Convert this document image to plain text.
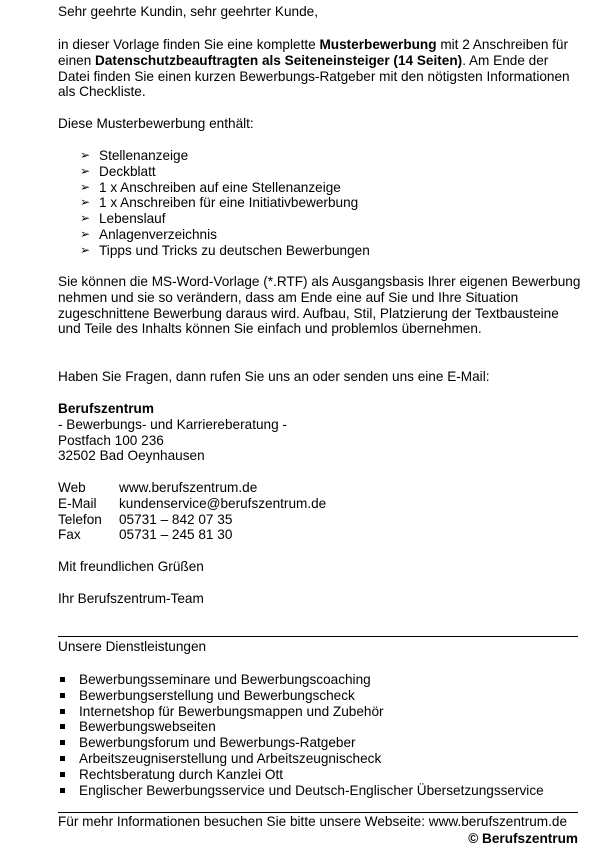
Sehr geehrte Kundin, sehr geehrter Kunde,

in dieser Vorlage finden Sie eine komplette Musterbewerbung mit 2 Anschreiben für einen Datenschutzbeauftragten als Seiteneinsteiger (14 Seiten). Am Ende der Datei finden Sie einen kurzen Bewerbungs-Ratgeber mit den nötigsten Informationen als Checkliste.

Diese Musterbewerbung enthält:

➢ Stellenanzeige
➢ Deckblatt
➢ 1 x Anschreiben auf eine Stellenanzeige
➢ 1 x Anschreiben für eine Initiativbewerbung
➢ Lebenslauf
➢ Anlagenverzeichnis
➢ Tipps und Tricks zu deutschen Bewerbungen

Sie können die MS-Word-Vorlage (*.RTF) als Ausgangsbasis Ihrer eigenen Bewerbung nehmen und sie so verändern, dass am Ende eine auf Sie und Ihre Situation zugeschnittene Bewerbung daraus wird. Aufbau, Stil, Platzierung der Textbausteine und Teile des Inhalts können Sie einfach und problemlos übernehmen.

Haben Sie Fragen, dann rufen Sie uns an oder senden uns eine E-Mail:

Berufszentrum
- Bewerbungs- und Karriereberatung -
Postfach 100 236
32502 Bad Oeynhausen
Web	www.berufszentrum.de
E-Mail	kundenservice@berufszentrum.de
Telefon	05731 – 842 07 35
Fax	05731 – 245 81 30

Mit freundlichen Grüßen

Ihr Berufszentrum-Team

Unsere Dienstleistungen

Bewerbungsseminare und Bewerbungscoaching
Bewerbungserstellung und Bewerbungscheck
Internetshop für Bewerbungsmappen und Zubehör
Bewerbungswebseiten
Bewerbungsforum und Bewerbungs-Ratgeber
Arbeitszeugniserstellung und Arbeitszeugnischeck
Rechtsberatung durch Kanzlei Ott
Englischer Bewerbungsservice und Deutsch-Englischer Übersetzungsservice

Für mehr Informationen besuchen Sie bitte unsere Webseite: www.berufszentrum.de

© Berufszentrum
